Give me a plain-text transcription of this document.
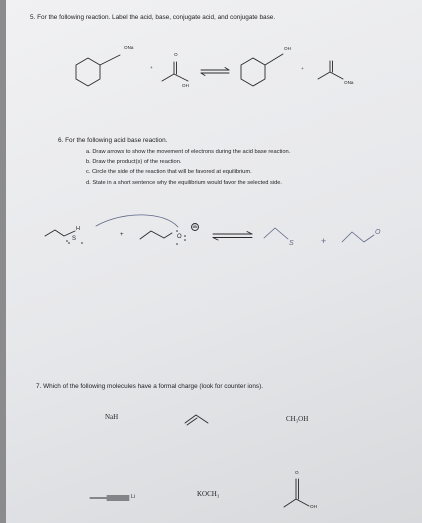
5. For the following reaction. Label the acid, base, conjugate acid, and conjugate base.
ONa
O
+
OH
OH
+
ONa
6. For the following acid base reaction.
a. Draw arrows to show the movement of electrons during the acid base reaction.
b. Draw the product(s) of the reaction.
c. Circle the side of the reaction that will be favored at equilibrium.
d. State in a short sentence why the equilibrium would favor the selected side.
S
H
+	O
−
S	+
O
7. Which of the following molecules have a formal charge (look for counter ions).
NaH	CH₃OH
Li	KOCH₃
O
OH
